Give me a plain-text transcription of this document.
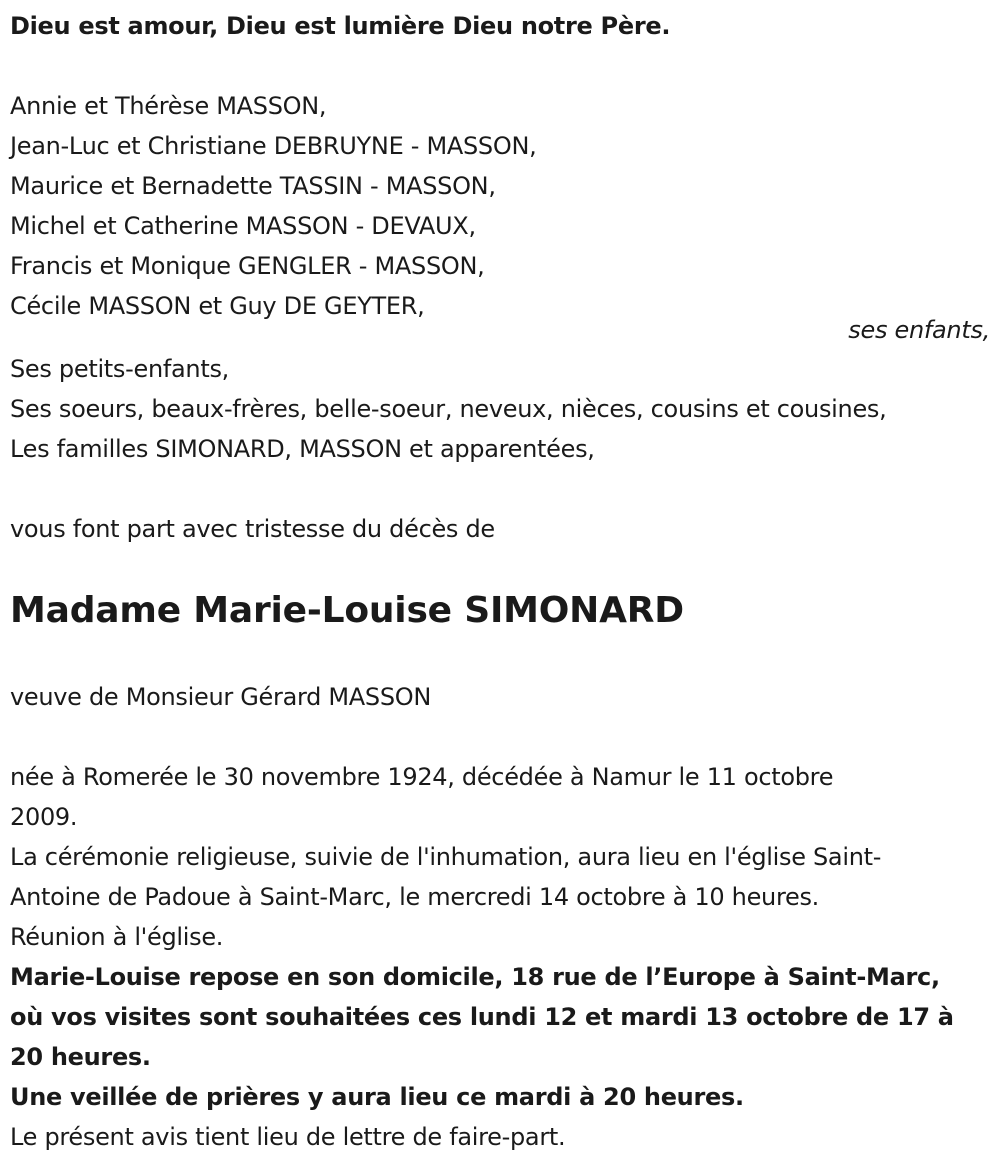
Dieu est amour, Dieu est lumière Dieu notre Père.
Annie et Thérèse MASSON,
Jean-Luc et Christiane DEBRUYNE - MASSON,
Maurice et Bernadette TASSIN - MASSON,
Michel et Catherine MASSON - DEVAUX,
Francis et Monique GENGLER - MASSON,
Cécile MASSON et Guy DE GEYTER,
ses enfants,
Ses petits-enfants,
Ses soeurs, beaux-frères, belle-soeur, neveux, nièces, cousins et cousines,
Les familles SIMONARD, MASSON et apparentées,
vous font part avec tristesse du décès de
Madame Marie-Louise SIMONARD
veuve de Monsieur Gérard MASSON
née à Romerée le 30 novembre 1924, décédée à Namur le 11 octobre
2009.
La cérémonie religieuse, suivie de l'inhumation, aura lieu en l'église Saint-
Antoine de Padoue à Saint-Marc, le mercredi 14 octobre à 10 heures.
Réunion à l'église.
Marie-Louise repose en son domicile, 18 rue de l’Europe à Saint-Marc,
où vos visites sont souhaitées ces lundi 12 et mardi 13 octobre de 17 à
20 heures.
Une veillée de prières y aura lieu ce mardi à 20 heures.
Le présent avis tient lieu de lettre de faire-part.
